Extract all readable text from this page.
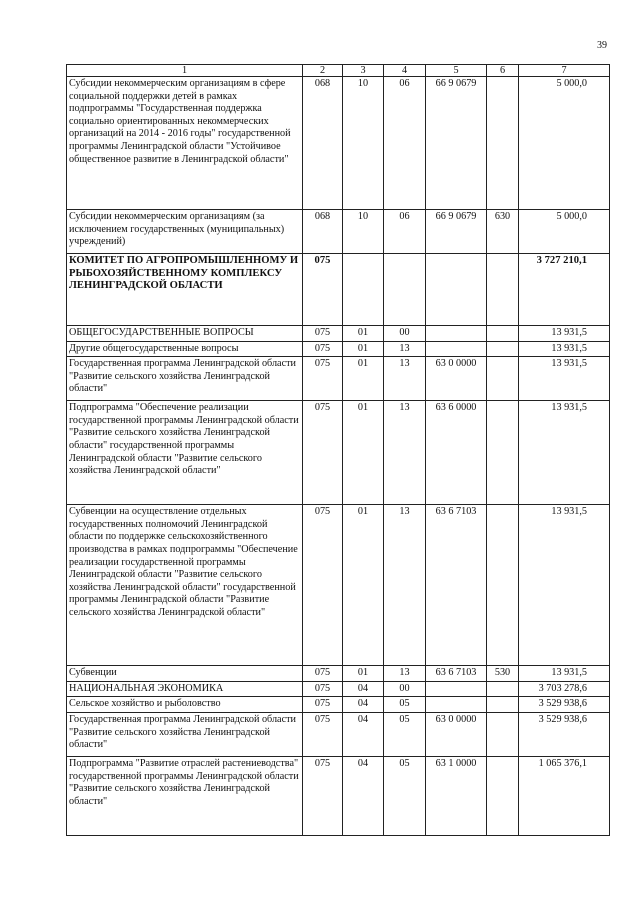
39
1	2	3	4	5	6	7
Субсидии некоммерческим организациям в сфере социальной поддержки детей в рамках подпрограммы "Государственная поддержка социально ориентированных некоммерческих организаций на 2014 - 2016 годы" государственной программы Ленинградской области "Устойчивое общественное развитие в Ленинградской области"	068	10	06	66 9 0679		5 000,0
Субсидии некоммерческим организациям (за исключением государственных (муниципальных) учреждений)	068	10	06	66 9 0679	630	5 000,0
КОМИТЕТ ПО АГРОПРОМЫШЛЕННОМУ И РЫБОХОЗЯЙСТВЕННОМУ КОМПЛЕКСУ ЛЕНИНГРАДСКОЙ ОБЛАСТИ	075					3 727 210,1
ОБЩЕГОСУДАРСТВЕННЫЕ ВОПРОСЫ	075	01	00			13 931,5
Другие общегосударственные вопросы	075	01	13			13 931,5
Государственная программа Ленинградской области "Развитие сельского хозяйства Ленинградской области"	075	01	13	63 0 0000		13 931,5
Подпрограмма "Обеспечение реализации государственной программы Ленинградской области "Развитие сельского хозяйства Ленинградской области" государственной программы Ленинградской области "Развитие сельского хозяйства Ленинградской области"	075	01	13	63 6 0000		13 931,5
Субвенции на осуществление отдельных государственных полномочий Ленинградской области по поддержке сельскохозяйственного производства в рамках подпрограммы "Обеспечение реализации государственной программы Ленинградской области "Развитие сельского хозяйства Ленинградской области" государственной программы Ленинградской области "Развитие сельского хозяйства Ленинградской области"	075	01	13	63 6 7103		13 931,5
Субвенции	075	01	13	63 6 7103	530	13 931,5
НАЦИОНАЛЬНАЯ ЭКОНОМИКА	075	04	00			3 703 278,6
Сельское хозяйство и рыболовство	075	04	05			3 529 938,6
Государственная программа Ленинградской области "Развитие сельского хозяйства Ленинградской области"	075	04	05	63 0 0000		3 529 938,6
Подпрограмма "Развитие отраслей растениеводства" государственной программы Ленинградской области "Развитие сельского хозяйства Ленинградской области"	075	04	05	63 1 0000		1 065 376,1
